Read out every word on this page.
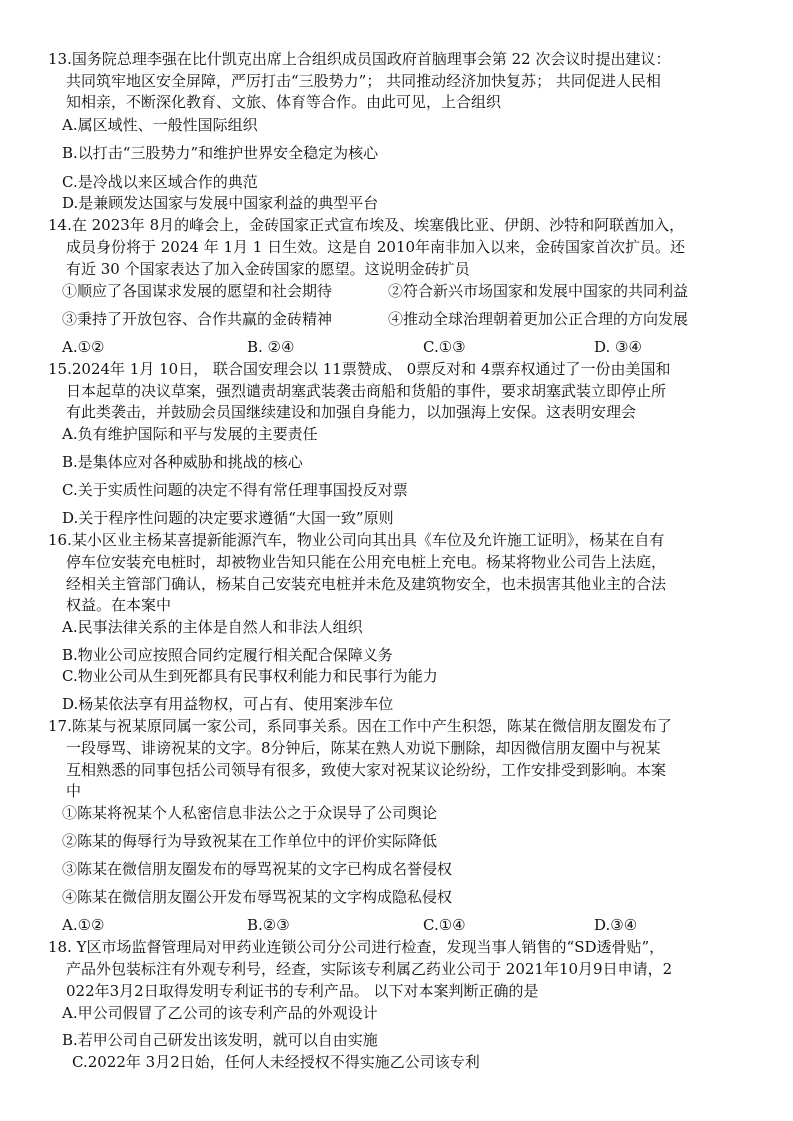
13.国务院总理李强在比什凯克出席上合组织成员国政府首脑理事会第 22 次会议时提出建议：
共同筑牢地区安全屏障，严厉打击“三股势力”； 共同推动经济加快复苏； 共同促进人民相
知相亲，不断深化教育、文旅、体育等合作。由此可见，上合组织
A.属区域性、一般性国际组织
B.以打击“三股势力”和维护世界安全稳定为核心
C.是冷战以来区域合作的典范
D.是兼顾发达国家与发展中国家利益的典型平台
14.在 2023年 8月的峰会上，金砖国家正式宣布埃及、埃塞俄比亚、伊朗、沙特和阿联酋加入，
成员身份将于 2024 年 1月 1 日生效。这是自 2010年南非加入以来，金砖国家首次扩员。还
有近 30 个国家表达了加入金砖国家的愿望。这说明金砖扩员
①顺应了各国谋求发展的愿望和社会期待	②符合新兴市场国家和发展中国家的共同利益
③秉持了开放包容、合作共赢的金砖精神	④推动全球治理朝着更加公正合理的方向发展
A.①②	B. ②④	C.①③	D. ③④
15.2024年 1月 10日， 联合国安理会以 11票赞成、 0票反对和 4票弃权通过了一份由美国和
日本起草的决议草案，强烈谴责胡塞武装袭击商船和货船的事件，要求胡塞武装立即停止所
有此类袭击，并鼓励会员国继续建设和加强自身能力，以加强海上安保。这表明安理会
A.负有维护国际和平与发展的主要责任
B.是集体应对各种威胁和挑战的核心
C.关于实质性问题的决定不得有常任理事国投反对票
D.关于程序性问题的决定要求遵循“大国一致”原则
16.某小区业主杨某喜提新能源汽车，物业公司向其出具《车位及允许施工证明》，杨某在自有
停车位安装充电桩时，却被物业告知只能在公用充电桩上充电。杨某将物业公司告上法庭，
经相关主管部门确认，杨某自己安装充电桩并未危及建筑物安全，也未损害其他业主的合法
权益。在本案中
A.民事法律关系的主体是自然人和非法人组织
B.物业公司应按照合同约定履行相关配合保障义务
C.物业公司从生到死都具有民事权利能力和民事行为能力
D.杨某依法享有用益物权，可占有、使用案涉车位
17.陈某与祝某原同属一家公司，系同事关系。因在工作中产生积怨，陈某在微信朋友圈发布了
一段辱骂、诽谤祝某的文字。8分钟后，陈某在熟人劝说下删除，却因微信朋友圈中与祝某
互相熟悉的同事包括公司领导有很多，致使大家对祝某议论纷纷，工作安排受到影响。本案
中
①陈某将祝某个人私密信息非法公之于众误导了公司舆论
②陈某的侮辱行为导致祝某在工作单位中的评价实际降低
③陈某在微信朋友圈发布的辱骂祝某的文字已构成名誉侵权
④陈某在微信朋友圈公开发布辱骂祝某的文字构成隐私侵权
A.①②	B.②③	C.①④	D.③④
18. Y区市场监督管理局对甲药业连锁公司分公司进行检查，发现当事人销售的“SD透骨贴”，
产品外包装标注有外观专利号，经查，实际该专利属乙药业公司于 2021年10月9日申请，2
022年3月2日取得发明专利证书的专利产品。 以下对本案判断正确的是
A.甲公司假冒了乙公司的该专利产品的外观设计
B.若甲公司自己研发出该发明，就可以自由实施
C.2022年 3月2日始，任何人未经授权不得实施乙公司该专利
